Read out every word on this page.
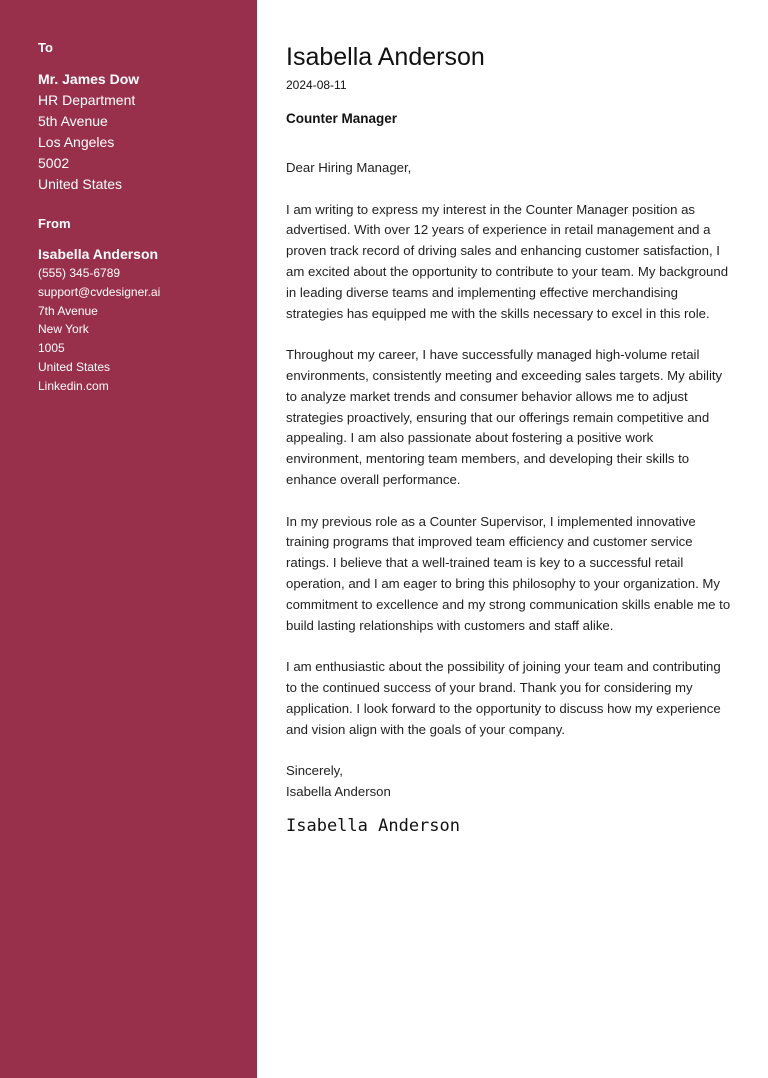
To
Mr. James Dow
HR Department
5th Avenue
Los Angeles
5002
United States
From
Isabella Anderson
(555) 345-6789
support@cvdesigner.ai
7th Avenue
New York
1005
United States
Linkedin.com
Isabella Anderson
2024-08-11
Counter Manager
Dear Hiring Manager,

I am writing to express my interest in the Counter Manager position as advertised. With over 12 years of experience in retail management and a proven track record of driving sales and enhancing customer satisfaction, I am excited about the opportunity to contribute to your team. My background in leading diverse teams and implementing effective merchandising strategies has equipped me with the skills necessary to excel in this role.

Throughout my career, I have successfully managed high-volume retail environments, consistently meeting and exceeding sales targets. My ability to analyze market trends and consumer behavior allows me to adjust strategies proactively, ensuring that our offerings remain competitive and appealing. I am also passionate about fostering a positive work environment, mentoring team members, and developing their skills to enhance overall performance.

In my previous role as a Counter Supervisor, I implemented innovative training programs that improved team efficiency and customer service ratings. I believe that a well-trained team is key to a successful retail operation, and I am eager to bring this philosophy to your organization. My commitment to excellence and my strong communication skills enable me to build lasting relationships with customers and staff alike.

I am enthusiastic about the possibility of joining your team and contributing to the continued success of your brand. Thank you for considering my application. I look forward to the opportunity to discuss how my experience and vision align with the goals of your company.

Sincerely,
Isabella Anderson
Isabella Anderson
